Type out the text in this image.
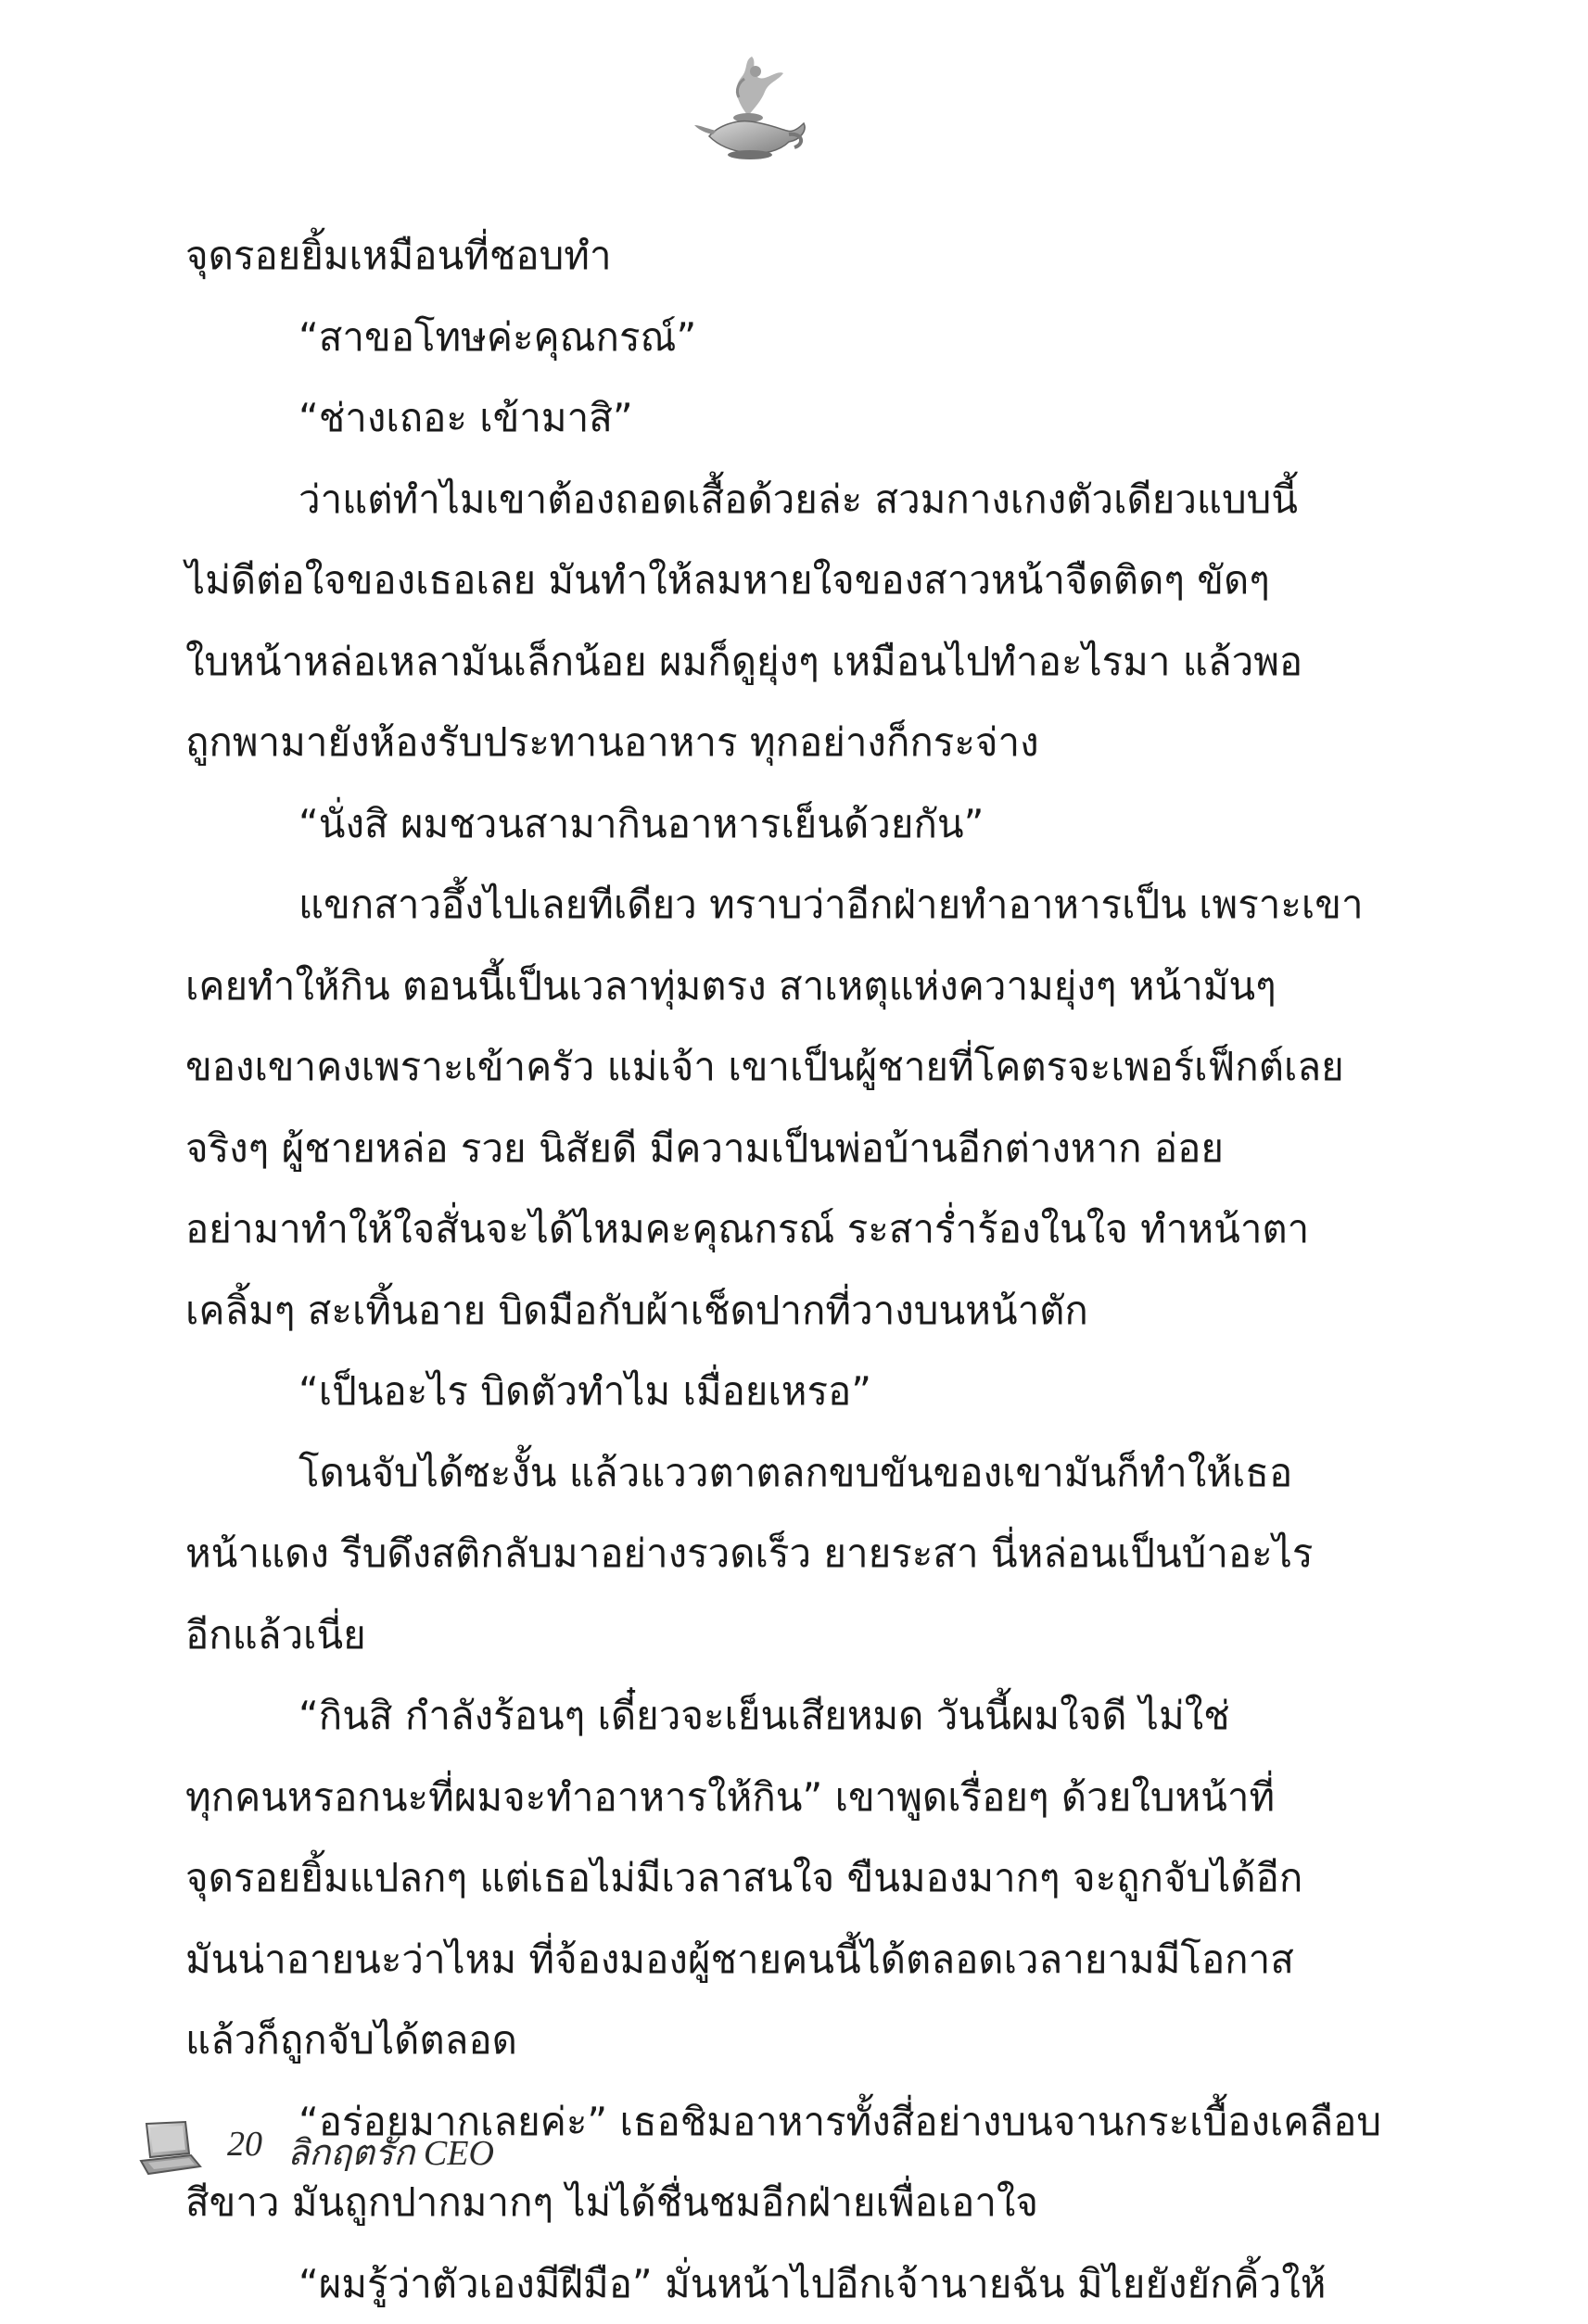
จุดรอยยิ้มเหมือนที่ชอบทำ
“สาขอโทษค่ะคุณกรณ์”
“ช่างเถอะ เข้ามาสิ”
ว่าแต่ทำไมเขาต้องถอดเสื้อด้วยล่ะ สวมกางเกงตัวเดียวแบบนี้
ไม่ดีต่อใจของเธอเลย มันทำให้ลมหายใจของสาวหน้าจืดติดๆ ขัดๆ
ใบหน้าหล่อเหลามันเล็กน้อย ผมก็ดูยุ่งๆ เหมือนไปทำอะไรมา แล้วพอ
ถูกพามายังห้องรับประทานอาหาร ทุกอย่างก็กระจ่าง
“นั่งสิ ผมชวนสามากินอาหารเย็นด้วยกัน”
แขกสาวอึ้งไปเลยทีเดียว ทราบว่าอีกฝ่ายทำอาหารเป็น เพราะเขา
เคยทำให้กิน ตอนนี้เป็นเวลาทุ่มตรง สาเหตุแห่งความยุ่งๆ หน้ามันๆ
ของเขาคงเพราะเข้าครัว แม่เจ้า เขาเป็นผู้ชายที่โคตรจะเพอร์เฟ็กต์เลย
จริงๆ ผู้ชายหล่อ รวย นิสัยดี มีความเป็นพ่อบ้านอีกต่างหาก อ่อย
อย่ามาทำให้ใจสั่นจะได้ไหมคะคุณกรณ์ ระสาร่ำร้องในใจ ทำหน้าตา
เคลิ้มๆ สะเทิ้นอาย บิดมือกับผ้าเช็ดปากที่วางบนหน้าตัก
“เป็นอะไร บิดตัวทำไม เมื่อยเหรอ”
โดนจับได้ซะงั้น แล้วแววตาตลกขบขันของเขามันก็ทำให้เธอ
หน้าแดง รีบดึงสติกลับมาอย่างรวดเร็ว ยายระสา นี่หล่อนเป็นบ้าอะไร
อีกแล้วเนี่ย
“กินสิ กำลังร้อนๆ เดี๋ยวจะเย็นเสียหมด วันนี้ผมใจดี ไม่ใช่
ทุกคนหรอกนะที่ผมจะทำอาหารให้กิน” เขาพูดเรื่อยๆ ด้วยใบหน้าที่
จุดรอยยิ้มแปลกๆ แต่เธอไม่มีเวลาสนใจ ขืนมองมากๆ จะถูกจับได้อีก
มันน่าอายนะว่าไหม ที่จ้องมองผู้ชายคนนี้ได้ตลอดเวลายามมีโอกาส
แล้วก็ถูกจับได้ตลอด
“อร่อยมากเลยค่ะ” เธอชิมอาหารทั้งสี่อย่างบนจานกระเบื้องเคลือบ
สีขาว มันถูกปากมากๆ ไม่ได้ชื่นชมอีกฝ่ายเพื่อเอาใจ
“ผมรู้ว่าตัวเองมีฝีมือ” มั่นหน้าไปอีกเจ้านายฉัน มิไยยังยักคิ้วให้
20 ลิกฤตรัก CEO
